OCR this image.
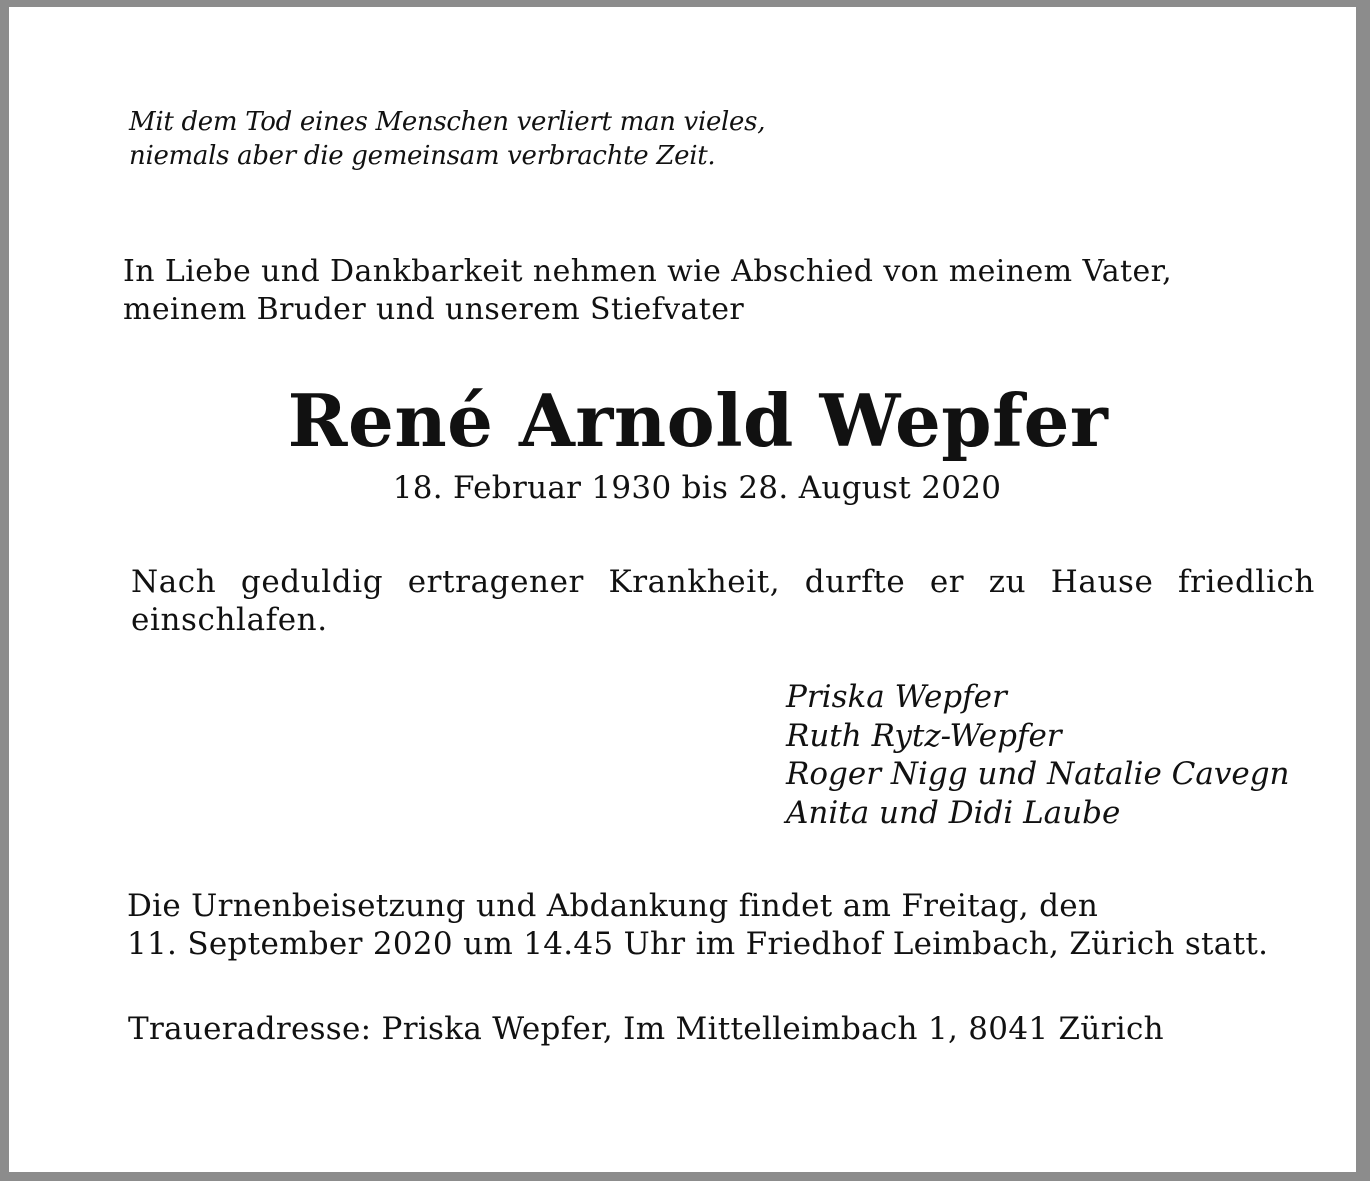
Mit dem Tod eines Menschen verliert man vieles,
niemals aber die gemeinsam verbrachte Zeit.
In Liebe und Dankbarkeit nehmen wie Abschied von meinem Vater,
meinem Bruder und unserem Stiefvater
René Arnold Wepfer
18. Februar 1930 bis 28. August 2020
Nach geduldig ertragener Krankheit, durfte er zu Hause friedlich
einschlafen.
Priska Wepfer
Ruth Rytz-Wepfer
Roger Nigg und Natalie Cavegn
Anita und Didi Laube
Die Urnenbeisetzung und Abdankung findet am Freitag, den
11. September 2020 um 14.45 Uhr im Friedhof Leimbach, Zürich statt.
Traueradresse: Priska Wepfer, Im Mittelleimbach 1, 8041 Zürich
